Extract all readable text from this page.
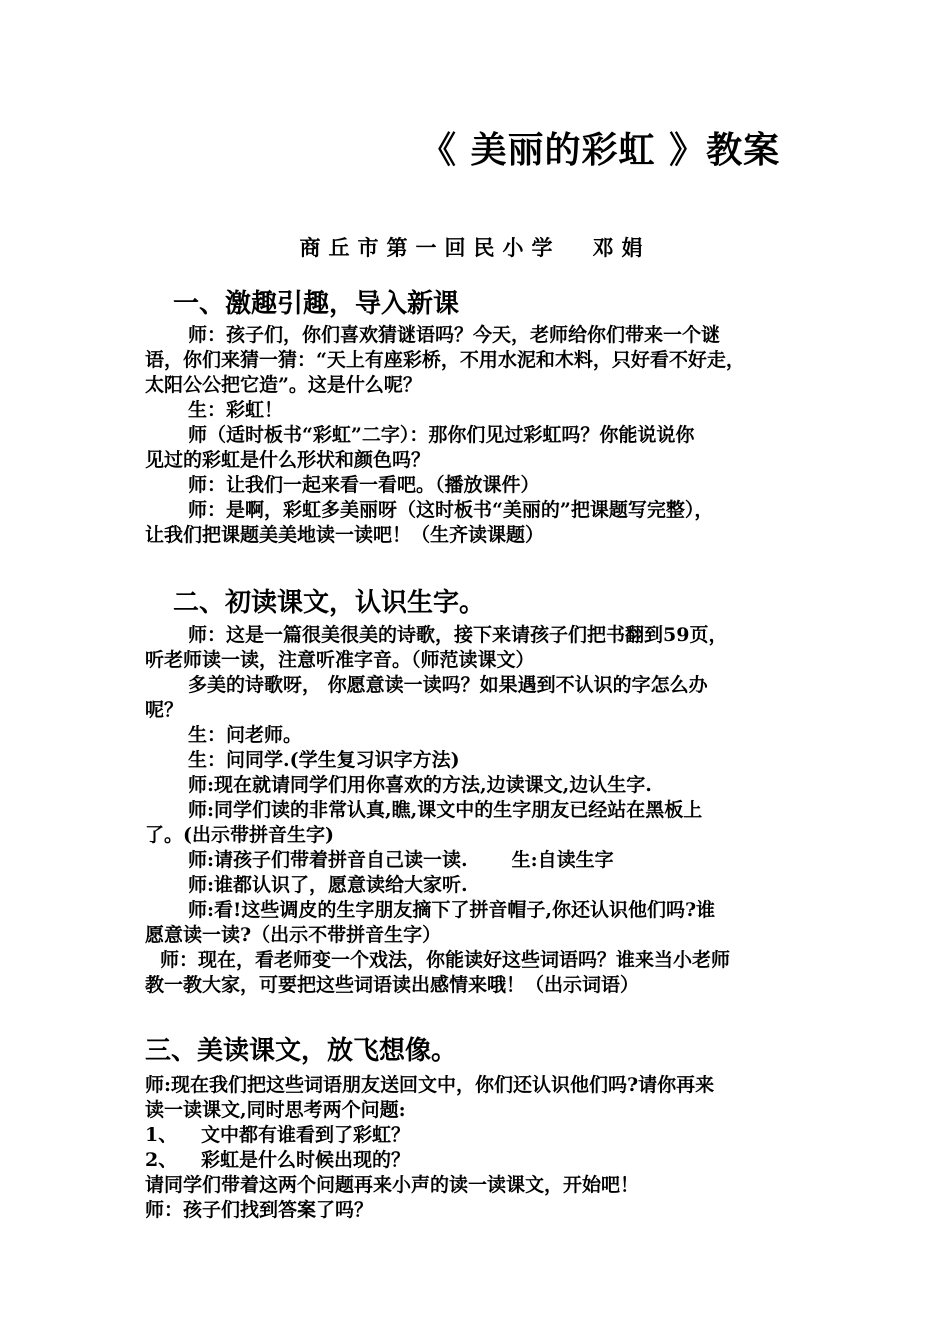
《 美丽的彩虹 》教案
商丘市第一回民小学 邓娟
一、激趣引趣，导入新课
师：孩子们，你们喜欢猜谜语吗？今天，老师给你们带来一个谜
语，你们来猜一猜：“天上有座彩桥，不用水泥和木料，只好看不好走，
太阳公公把它造”。这是什么呢？
生：彩虹！
师（适时板书“彩虹”二字）：那你们见过彩虹吗？你能说说你
见过的彩虹是什么形状和颜色吗？
师：让我们一起来看一看吧。（播放课件）
师：是啊，彩虹多美丽呀（这时板书“美丽的”把课题写完整），
让我们把课题美美地读一读吧！（生齐读课题）
二、初读课文，认识生字。
师：这是一篇很美很美的诗歌，接下来请孩子们把书翻到59页，
听老师读一读，注意听准字音。（师范读课文）
多美的诗歌呀， 你愿意读一读吗？如果遇到不认识的字怎么办
呢？
生：问老师。
生：问同学.(学生复习识字方法)
师:现在就请同学们用你喜欢的方法,边读课文,边认生字.
师:同学们读的非常认真,瞧,课文中的生字朋友已经站在黑板上
了。(出示带拼音生字)
师:请孩子们带着拼音自己读一读. 生:自读生字
师:谁都认识了，愿意读给大家听.
师:看!这些调皮的生字朋友摘下了拼音帽子,你还认识他们吗?谁
愿意读一读?（出示不带拼音生字）
师：现在，看老师变一个戏法，你能读好这些词语吗？谁来当小老师
教一教大家，可要把这些词语读出感情来哦！（出示词语）
三、美读课文，放飞想像。
师:现在我们把这些词语朋友送回文中，你们还认识他们吗?请你再来
读一读课文,同时思考两个问题:
1、 文中都有谁看到了彩虹？
2、 彩虹是什么时候出现的？
请同学们带着这两个问题再来小声的读一读课文，开始吧！
师：孩子们找到答案了吗？
